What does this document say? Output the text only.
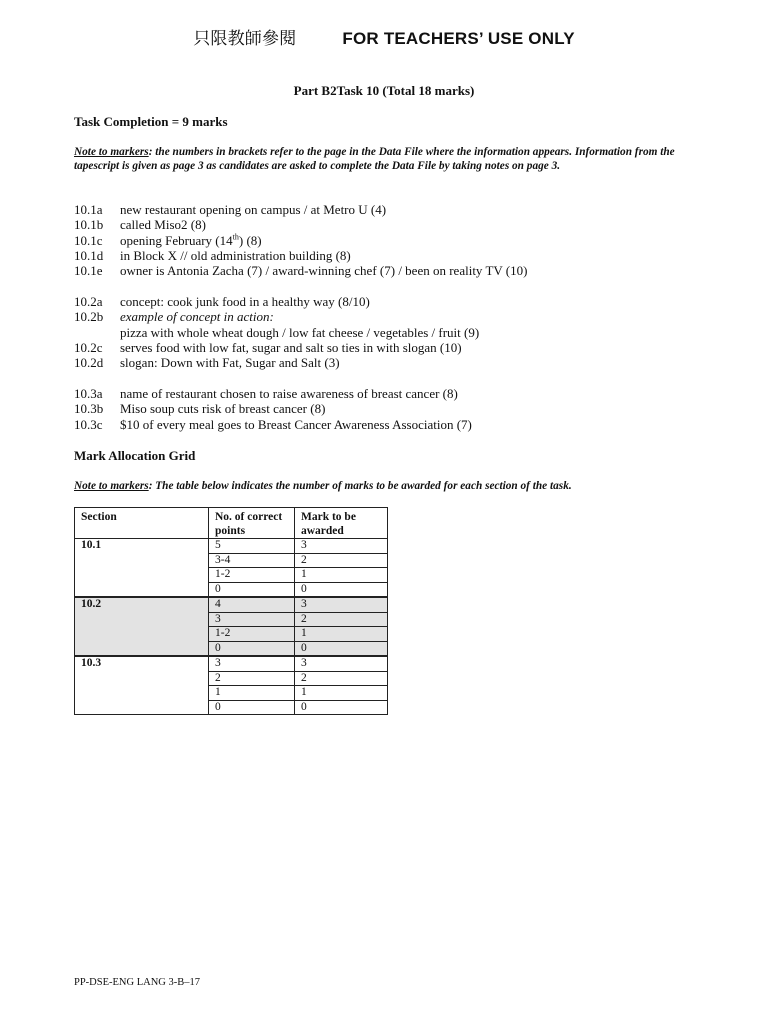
只限教師參閱	FOR TEACHERS’ USE ONLY
Part B2Task 10 (Total 18 marks)
Task Completion = 9 marks
Note to markers: the numbers in brackets refer to the page in the Data File where the information appears. Information from the tapescript is given as page 3 as candidates are asked to complete the Data File by taking notes on page 3.
10.1a	new restaurant opening on campus / at Metro U (4)
10.1b	called Miso2 (8)
10.1c	opening February (14th) (8)
10.1d	in Block X // old administration building (8)
10.1e	owner is Antonia Zacha (7) / award-winning chef (7) / been on reality TV (10)
10.2a	concept: cook junk food in a healthy way (8/10)
10.2b	example of concept in action:
pizza with whole wheat dough / low fat cheese / vegetables / fruit (9)
10.2c	serves food with low fat, sugar and salt so ties in with slogan (10)
10.2d	slogan: Down with Fat, Sugar and Salt (3)
10.3a	name of restaurant chosen to raise awareness of breast cancer (8)
10.3b	Miso soup cuts risk of breast cancer (8)
10.3c	$10 of every meal goes to Breast Cancer Awareness Association (7)
Mark Allocation Grid
Note to markers: The table below indicates the number of marks to be awarded for each section of the task.
Section	No. of correct points	Mark to be awarded
10.1	5	3
	3-4	2
	1-2	1
	0	0
10.2	4	3
	3	2
	1-2	1
	0	0
10.3	3	3
	2	2
	1	1
	0	0
PP-DSE-ENG LANG 3-B–17
